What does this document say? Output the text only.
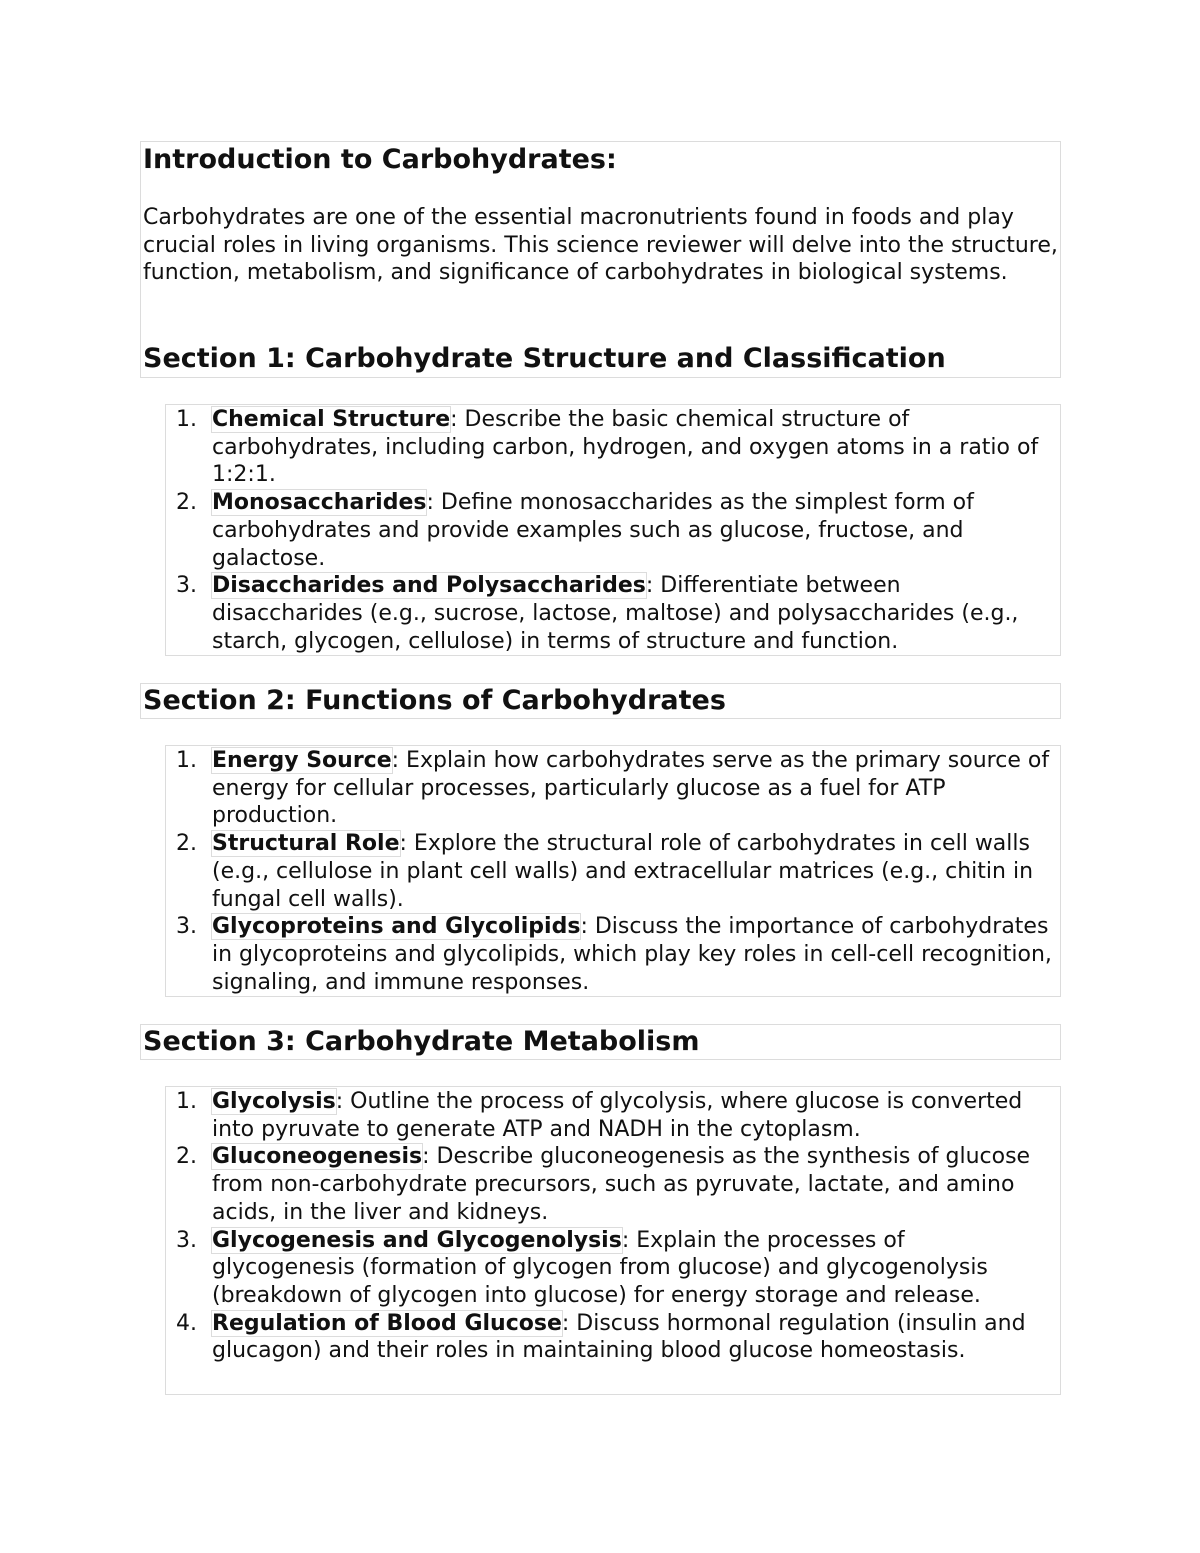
Introduction to Carbohydrates:

Carbohydrates are one of the essential macronutrients found in foods and play crucial roles in living organisms. This science reviewer will delve into the structure, function, metabolism, and significance of carbohydrates in biological systems.

Section 1: Carbohydrate Structure and Classification
1. Chemical Structure: Describe the basic chemical structure of carbohydrates, including carbon, hydrogen, and oxygen atoms in a ratio of 1:2:1.
2. Monosaccharides: Define monosaccharides as the simplest form of carbohydrates and provide examples such as glucose, fructose, and galactose.
3. Disaccharides and Polysaccharides: Differentiate between disaccharides (e.g., sucrose, lactose, maltose) and polysaccharides (e.g., starch, glycogen, cellulose) in terms of structure and function.
Section 2: Functions of Carbohydrates
1. Energy Source: Explain how carbohydrates serve as the primary source of energy for cellular processes, particularly glucose as a fuel for ATP production.
2. Structural Role: Explore the structural role of carbohydrates in cell walls (e.g., cellulose in plant cell walls) and extracellular matrices (e.g., chitin in fungal cell walls).
3. Glycoproteins and Glycolipids: Discuss the importance of carbohydrates in glycoproteins and glycolipids, which play key roles in cell-cell recognition, signaling, and immune responses.
Section 3: Carbohydrate Metabolism
1. Glycolysis: Outline the process of glycolysis, where glucose is converted into pyruvate to generate ATP and NADH in the cytoplasm.
2. Gluconeogenesis: Describe gluconeogenesis as the synthesis of glucose from non-carbohydrate precursors, such as pyruvate, lactate, and amino acids, in the liver and kidneys.
3. Glycogenesis and Glycogenolysis: Explain the processes of glycogenesis (formation of glycogen from glucose) and glycogenolysis (breakdown of glycogen into glucose) for energy storage and release.
4. Regulation of Blood Glucose: Discuss hormonal regulation (insulin and glucagon) and their roles in maintaining blood glucose homeostasis.
